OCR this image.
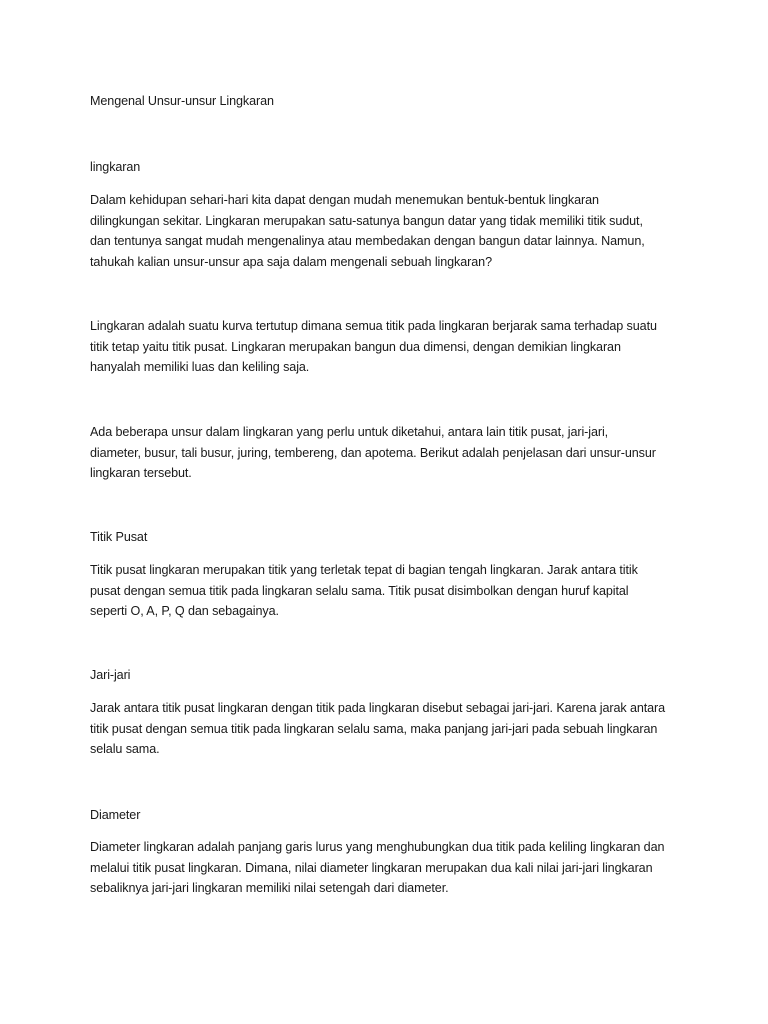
Mengenal Unsur-unsur Lingkaran

lingkaran

Dalam kehidupan sehari-hari kita dapat dengan mudah menemukan bentuk-bentuk lingkaran
dilingkungan sekitar. Lingkaran merupakan satu-satunya bangun datar yang tidak memiliki titik sudut,
dan tentunya sangat mudah mengenalinya atau membedakan dengan bangun datar lainnya. Namun,
tahukah kalian unsur-unsur apa saja dalam mengenali sebuah lingkaran?
Lingkaran adalah suatu kurva tertutup dimana semua titik pada lingkaran berjarak sama terhadap suatu
titik tetap yaitu titik pusat. Lingkaran merupakan bangun dua dimensi, dengan demikian lingkaran
hanyalah memiliki luas dan keliling saja.
Ada beberapa unsur dalam lingkaran yang perlu untuk diketahui, antara lain titik pusat, jari-jari,
diameter, busur, tali busur, juring, tembereng, dan apotema. Berikut adalah penjelasan dari unsur-unsur
lingkaran tersebut.

Titik Pusat

Titik pusat lingkaran merupakan titik yang terletak tepat di bagian tengah lingkaran. Jarak antara titik
pusat dengan semua titik pada lingkaran selalu sama. Titik pusat disimbolkan dengan huruf kapital
seperti O, A, P, Q dan sebagainya.

Jari-jari

Jarak antara titik pusat lingkaran dengan titik pada lingkaran disebut sebagai jari-jari. Karena jarak antara
titik pusat dengan semua titik pada lingkaran selalu sama, maka panjang jari-jari pada sebuah lingkaran
selalu sama.

Diameter

Diameter lingkaran adalah panjang garis lurus yang menghubungkan dua titik pada keliling lingkaran dan
melalui titik pusat lingkaran. Dimana, nilai diameter lingkaran merupakan dua kali nilai jari-jari lingkaran
sebaliknya jari-jari lingkaran memiliki nilai setengah dari diameter.
